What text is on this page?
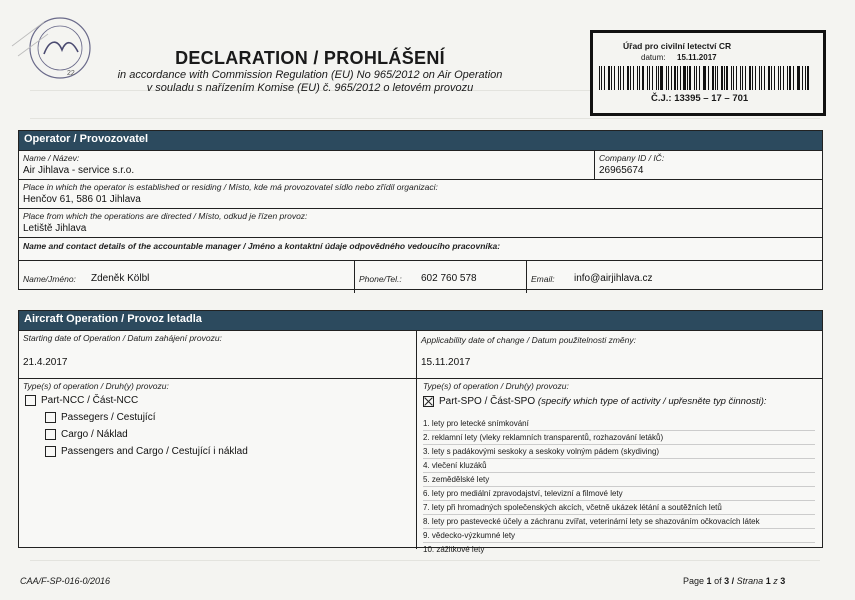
22
DECLARATION / PROHLÁŠENÍ
in accordance with Commission Regulation (EU) No 965/2012 on Air Operation
v souladu s nařízením Komise (EU) č. 965/2012 o letovém provozu
Úřad pro civilní letectví CR
datum: 15.11.2017
Č.J.: 13395 – 17 – 701
Operator / Provozovatel
Name / Název:
Air Jihlava - service s.r.o.
Company ID / IČ:
26965674
Place in which the operator is established or residing / Místo, kde má provozovatel sídlo nebo zřídil organizaci:
Henčov 61, 586 01 Jihlava
Place from which the operations are directed / Místo, odkud je řízen provoz:
Letiště Jihlava
Name and contact details of the accountable manager / Jméno a kontaktní údaje odpovědného vedoucího pracovníka:
Name/Jméno: Zdeněk Kölbl	Phone/Tel.: 602 760 578	Email: info@airjihlava.cz
Aircraft Operation / Provoz letadla
Starting date of Operation / Datum zahájení provozu:
21.4.2017
Applicability date of change / Datum použitelnosti změny:
15.11.2017
Type(s) of operation / Druh(y) provozu:
Part-NCC / Část-NCC
Passegers / Cestující
Cargo / Náklad
Passengers and Cargo / Cestující i náklad
Type(s) of operation / Druh(y) provozu:
Part-SPO / Část-SPO (specify which type of activity / upřesněte typ činnosti):
1. lety pro letecké snímkování
2. reklamní lety (vleky reklamních transparentů, rozhazování letáků)
3. lety s padákovými seskoky a seskoky volným pádem (skydiving)
4. vlečení kluzáků
5. zemědělské lety
6. lety pro mediální zpravodajství, televizní a filmové lety
7. lety při hromadných společenských akcích, včetně ukázek létání a soutěžních letů
8. lety pro pastevecké účely a záchranu zvířat, veterinární lety se shazováním očkovacích látek
9. vědecko-výzkumné lety
10. zážitkové lety
CAA/F-SP-016-0/2016	Page 1 of 3 / Strana 1 z 3
